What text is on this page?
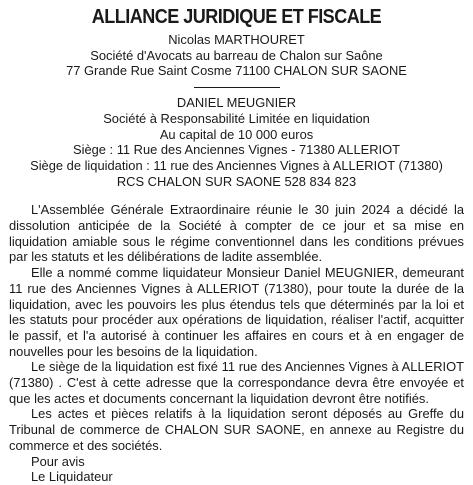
ALLIANCE JURIDIQUE ET FISCALE
Nicolas MARTHOURET
Société d'Avocats au barreau de Chalon sur Saône
77 Grande Rue Saint Cosme 71100 CHALON SUR SAONE
DANIEL MEUGNIER
Société à Responsabilité Limitée en liquidation
Au capital de 10 000 euros
Siège : 11 Rue des Anciennes Vignes - 71380 ALLERIOT
Siège de liquidation : 11 rue des Anciennes Vignes à ALLERIOT (71380)
RCS CHALON SUR SAONE 528 834 823

L'Assemblée Générale Extraordinaire réunie le 30 juin 2024 a décidé la dissolution anticipée de la Société à compter de ce jour et sa mise en liquidation amiable sous le régime conventionnel dans les conditions prévues par les statuts et les délibérations de ladite assemblée.

Elle a nommé comme liquidateur Monsieur Daniel MEUGNIER, demeurant 11 rue des Anciennes Vignes à ALLERIOT (71380), pour toute la durée de la liquidation, avec les pouvoirs les plus étendus tels que déterminés par la loi et les statuts pour procéder aux opérations de liquidation, réaliser l'actif, acquitter le passif, et l'a autorisé à continuer les affaires en cours et à en engager de nouvelles pour les besoins de la liquidation.

Le siège de la liquidation est fixé 11 rue des Anciennes Vignes à ALLERIOT (71380) . C'est à cette adresse que la correspondance devra être envoyée et que les actes et documents concernant la liquidation devront être notifiés.

Les actes et pièces relatifs à la liquidation seront déposés au Greffe du Tribunal de commerce de CHALON SUR SAONE, en annexe au Registre du commerce et des sociétés.

Pour avis

Le Liquidateur
